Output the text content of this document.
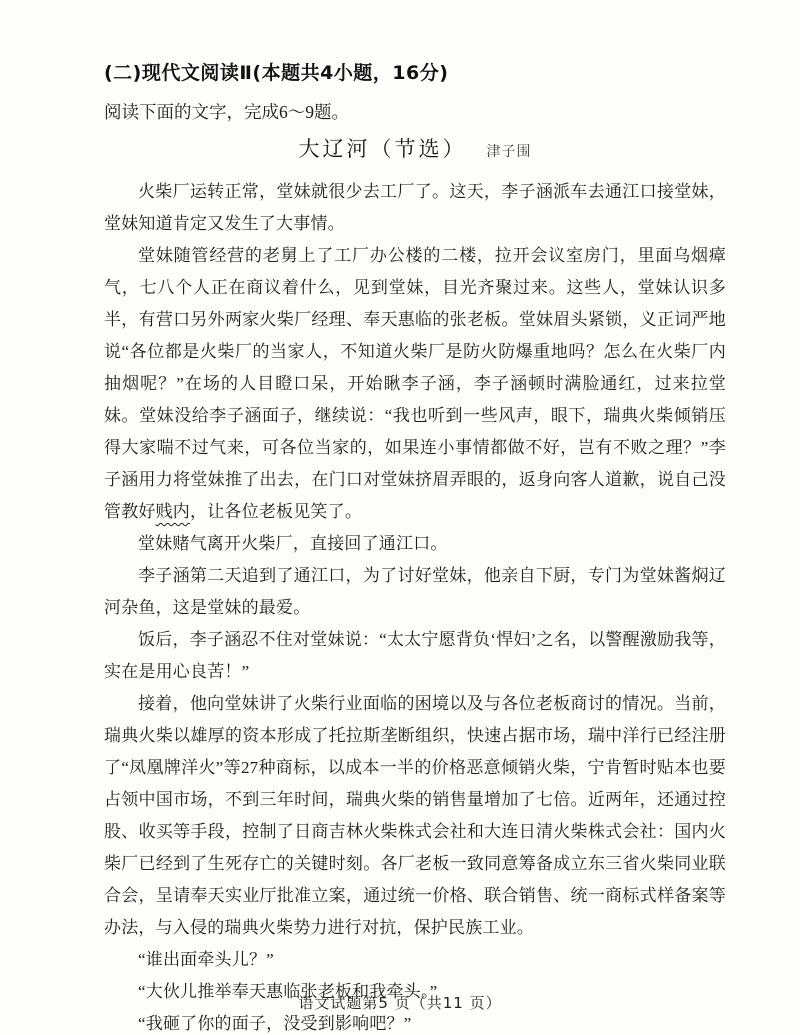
(二)现代文阅读Ⅱ(本题共4小题，16分)

阅读下面的文字，完成6～9题。

大辽河（节选） 津子围

火柴厂运转正常，堂妹就很少去工厂了。这天，李子涵派车去通江口接堂妹，堂妹知道肯定又发生了大事情。

堂妹随管经营的老舅上了工厂办公楼的二楼，拉开会议室房门，里面乌烟瘴气，七八个人正在商议着什么，见到堂妹，目光齐聚过来。这些人，堂妹认识多半，有营口另外两家火柴厂经理、奉天惠临的张老板。堂妹眉头紧锁，义正词严地说“各位都是火柴厂的当家人，不知道火柴厂是防火防爆重地吗？怎么在火柴厂内抽烟呢？”在场的人目瞪口呆，开始瞅李子涵，李子涵顿时满脸通红，过来拉堂妹。堂妹没给李子涵面子，继续说：“我也听到一些风声，眼下，瑞典火柴倾销压得大家喘不过气来，可各位当家的，如果连小事情都做不好，岂有不败之理？”李子涵用力将堂妹推了出去，在门口对堂妹挤眉弄眼的，返身向客人道歉，说自己没管教好贱内，让各位老板见笑了。

堂妹赌气离开火柴厂，直接回了通江口。

李子涵第二天追到了通江口，为了讨好堂妹，他亲自下厨，专门为堂妹酱焖辽河杂鱼，这是堂妹的最爱。

饭后，李子涵忍不住对堂妹说：“太太宁愿背负‘悍妇’之名，以警醒激励我等，实在是用心良苦！”

接着，他向堂妹讲了火柴行业面临的困境以及与各位老板商讨的情况。当前，瑞典火柴以雄厚的资本形成了托拉斯垄断组织，快速占据市场，瑞中洋行已经注册了“凤凰牌洋火”等27种商标，以成本一半的价格恶意倾销火柴，宁肯暂时贴本也要占领中国市场，不到三年时间，瑞典火柴的销售量增加了七倍。近两年，还通过控股、收买等手段，控制了日商吉林火柴株式会社和大连日清火柴株式会社：国内火柴厂已经到了生死存亡的关键时刻。各厂老板一致同意筹备成立东三省火柴同业联合会，呈请奉天实业厅批准立案，通过统一价格、联合销售、统一商标式样备案等办法，与入侵的瑞典火柴势力进行对抗，保护民族工业。

“谁出面牵头儿？”

“大伙儿推举奉天惠临张老板和我牵头。”

“我砸了你的面子，没受到影响吧？”

语文试题第5 页（共11 页）
